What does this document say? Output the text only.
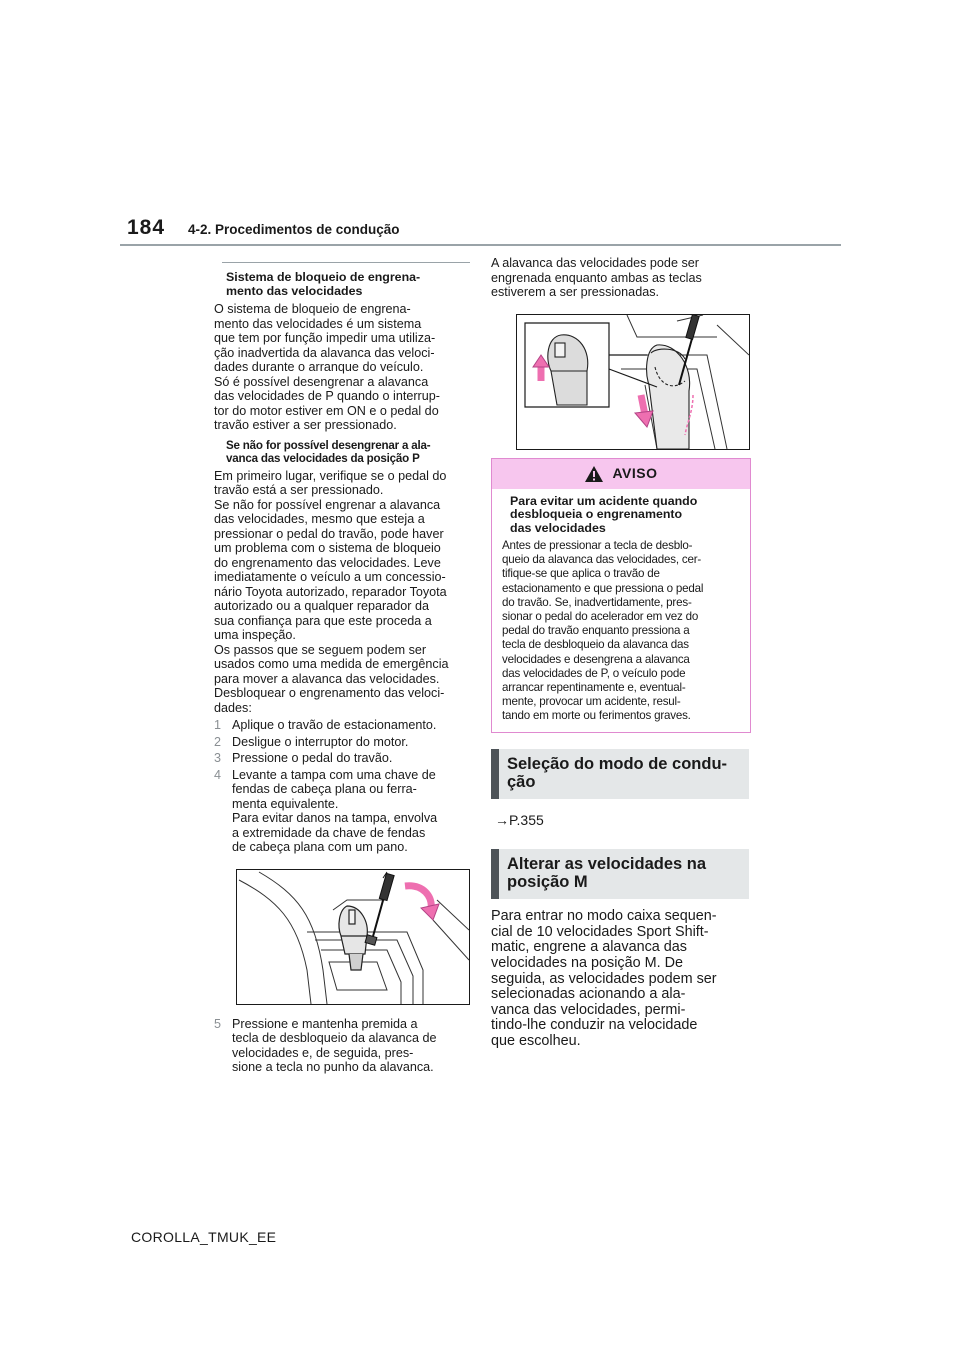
184 4-2. Procedimentos de condução
Sistema de bloqueio de engrena-
mento das velocidades

O sistema de bloqueio de engrena-
mento das velocidades é um sistema
que tem por função impedir uma utiliza-
ção inadvertida da alavanca das veloci-
dades durante o arranque do veículo.
Só é possível desengrenar a alavanca
das velocidades de P quando o interrup-
tor do motor estiver em ON e o pedal do
travão estiver a ser pressionado.

Se não for possível desengrenar a ala-
vanca das velocidades da posição P

Em primeiro lugar, verifique se o pedal do
travão está a ser pressionado.
Se não for possível engrenar a alavanca
das velocidades, mesmo que esteja a
pressionar o pedal do travão, pode haver
um problema com o sistema de bloqueio
do engrenamento das velocidades. Leve
imediatamente o veículo a um concessio-
nário Toyota autorizado, reparador Toyota
autorizado ou a qualquer reparador da
sua confiança para que este proceda a
uma inspeção.
Os passos que se seguem podem ser
usados como uma medida de emergência
para mover a alavanca das velocidades.
Desbloquear o engrenamento das veloci-
dades:

1 Aplique o travão de estacionamento.
2 Desligue o interruptor do motor.
3 Pressione o pedal do travão.
4 Levante a tampa com uma chave de
fendas de cabeça plana ou ferra-
menta equivalente.
Para evitar danos na tampa, envolva
a extremidade da chave de fendas
de cabeça plana com um pano.
5 Pressione e mantenha premida a
tecla de desbloqueio da alavanca de
velocidades e, de seguida, pres-
sione a tecla no punho da alavanca.

A alavanca das velocidades pode ser
engrenada enquanto ambas as teclas
estiverem a ser pressionadas.

AVISO
Para evitar um acidente quando
desbloqueia o engrenamento
das velocidades
Antes de pressionar a tecla de desblo-
queio da alavanca das velocidades, cer-
tifique-se que aplica o travão de
estacionamento e que pressiona o pedal
do travão. Se, inadvertidamente, pres-
sionar o pedal do acelerador em vez do
pedal do travão enquanto pressiona a
tecla de desbloqueio da alavanca das
velocidades e desengrena a alavanca
das velocidades de P, o veículo pode
arrancar repentinamente e, eventual-
mente, provocar um acidente, resul-
tando em morte ou ferimentos graves.
Seleção do modo de condu-
ção
→P.355
Alterar as velocidades na
posição M

Para entrar no modo caixa sequen-
cial de 10 velocidades Sport Shift-
matic, engrene a alavanca das
velocidades na posição M. De
seguida, as velocidades podem ser
selecionadas acionando a ala-
vanca das velocidades, permi-
tindo-lhe conduzir na velocidade
que escolheu.

COROLLA_TMUK_EE
